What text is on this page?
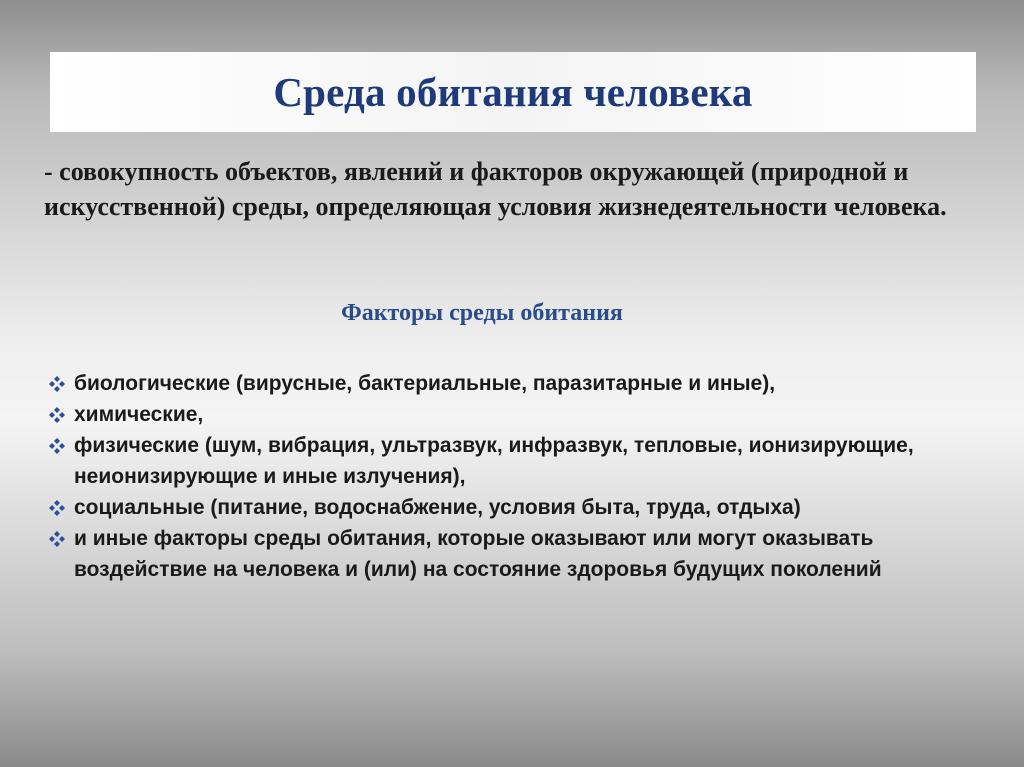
Среда обитания человека

- совокупность объектов, явлений и факторов окружающей (природной и искусственной) среды, определяющая условия жизнедеятельности человека.

Факторы среды обитания
биологические (вирусные, бактериальные, паразитарные и иные),
химические,
физические (шум, вибрация, ультразвук, инфразвук, тепловые, ионизирующие, неионизирующие и иные излучения),
социальные (питание, водоснабжение, условия быта, труда, отдыха)
и иные факторы среды обитания, которые оказывают или могут оказывать воздействие на человека и (или) на состояние здоровья будущих поколений
